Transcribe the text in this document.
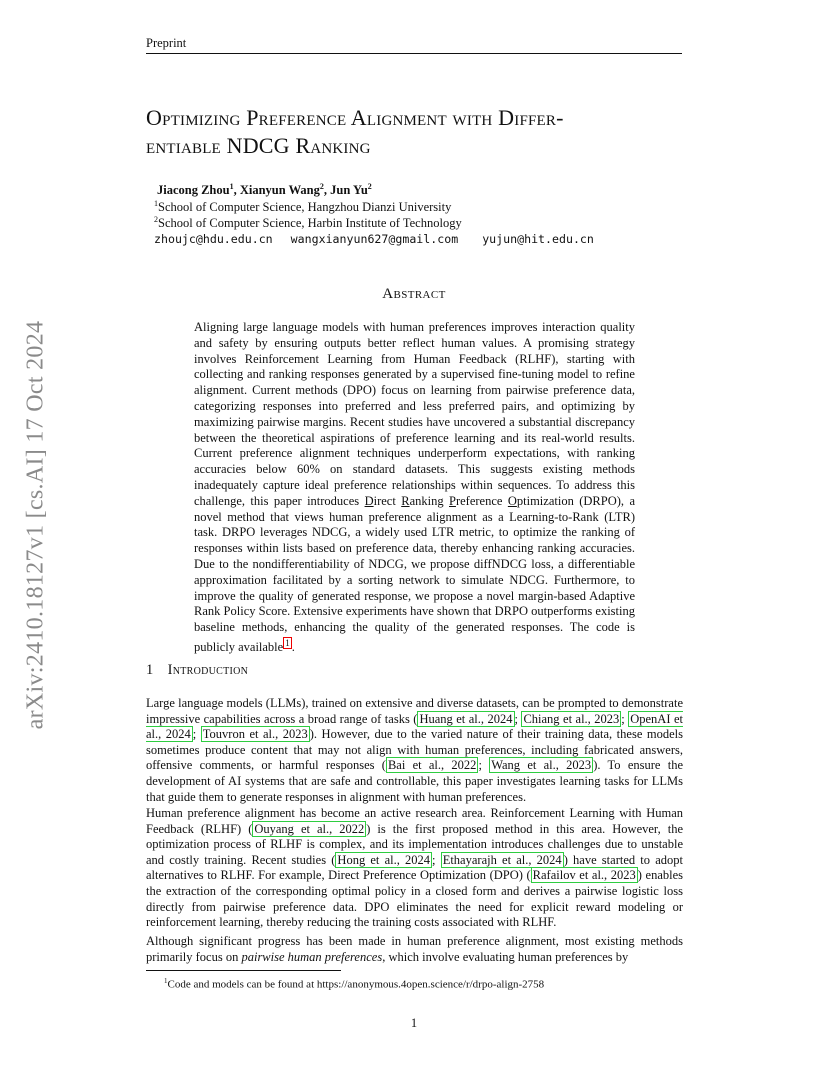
Preprint
arXiv:2410.18127v1 [cs.AI] 17 Oct 2024
Optimizing Preference Alignment with Differ-
entiable NDCG Ranking
Jiacong Zhou$^1$, Xianyun Wang$^2$, Jun Yu$^2$
$^1$School of Computer Science, Hangzhou Dianzi University
$^2$School of Computer Science, Harbin Institute of Technology
zhoujc@hdu.edu.cn wangxianyun627@gmail.com yujun@hit.edu.cn
Abstract
Aligning large language models with human preferences improves interaction quality and safety by ensuring outputs better reflect human values. A promising strategy involves Reinforcement Learning from Human Feedback (RLHF), starting with collecting and ranking responses generated by a supervised fine-tuning model to refine alignment. Current methods (DPO) focus on learning from pairwise preference data, categorizing responses into preferred and less preferred pairs, and optimizing by maximizing pairwise margins. Recent studies have uncovered a substantial discrepancy between the theoretical aspirations of preference learning and its real-world results. Current preference alignment techniques underperform expectations, with ranking accuracies below 60% on standard datasets. This suggests existing methods inadequately capture ideal preference relationships within sequences. To address this challenge, this paper introduces Direct Ranking Preference Optimization (DRPO), a novel method that views human preference alignment as a Learning-to-Rank (LTR) task. DRPO leverages NDCG, a widely used LTR metric, to optimize the ranking of responses within lists based on preference data, thereby enhancing ranking accuracies. Due to the nondifferentiability of NDCG, we propose diffNDCG loss, a differentiable approximation facilitated by a sorting network to simulate NDCG. Furthermore, to improve the quality of generated response, we propose a novel margin-based Adaptive Rank Policy Score. Extensive experiments have shown that DRPO outperforms existing baseline methods, enhancing the quality of the generated responses. The code is publicly available $^1$ .
1 Introduction
Large language models (LLMs), trained on extensive and diverse datasets, can be prompted to demonstrate impressive capabilities across a broad range of tasks ( Huang et al., 2024 ; Chiang et al., 2023 ; OpenAI et al., 2024 ; Touvron et al., 2023 ). However, due to the varied nature of their training data, these models sometimes produce content that may not align with human preferences, including fabricated answers, offensive comments, or harmful responses ( Bai et al., 2022 ; Wang et al., 2023 ). To ensure the development of AI systems that are safe and controllable, this paper investigates learning tasks for LLMs that guide them to generate responses in alignment with human preferences.
Human preference alignment has become an active research area. Reinforcement Learning with Human Feedback (RLHF) ( Ouyang et al., 2022 ) is the first proposed method in this area. However, the optimization process of RLHF is complex, and its implementation introduces challenges due to unstable and costly training. Recent studies ( Hong et al., 2024 ; Ethayarajh et al., 2024 ) have started to adopt alternatives to RLHF. For example, Direct Preference Optimization (DPO) ( Rafailov et al., 2023 ) enables the extraction of the corresponding optimal policy in a closed form and derives a pairwise logistic loss directly from pairwise preference data. DPO eliminates the need for explicit reward modeling or reinforcement learning, thereby reducing the training costs associated with RLHF.
Although significant progress has been made in human preference alignment, most existing methods primarily focus on pairwise human preferences, which involve evaluating human preferences by
$^1$Code and models can be found at https://anonymous.4open.science/r/drpo-align-2758
1
